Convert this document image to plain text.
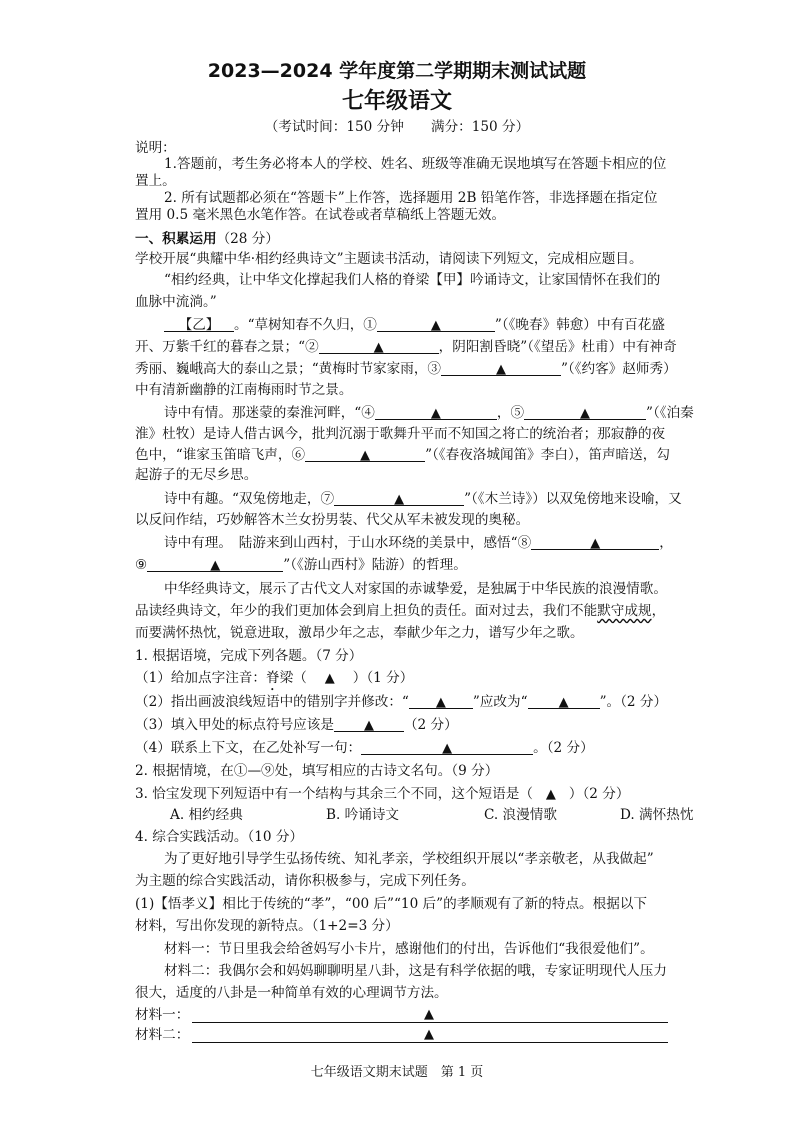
2023—2024 学年度第二学期期末测试试题
七年级语文
（考试时间：150 分钟　　满分：150 分）
说明：
1.答题前，考生务必将本人的学校、姓名、班级等准确无误地填写在答题卡相应的位
置上。
2. 所有试题都必须在“答题卡”上作答，选择题用 2B 铅笔作答，非选择题在指定位
置用 0.5 毫米黑色水笔作答。在试卷或者草稿纸上答题无效。
一、积累运用（28 分）
学校开展“典耀中华·相约经典诗文”主题读书活动，请阅读下列短文，完成相应题目。
“相约经典，让中华文化撑起我们人格的脊梁【甲】吟诵诗文，让家国情怀在我们的
血脉中流淌。”
【乙】 。“草树知春不久归，①	▲	”（《晚春》韩愈）中有百花盛
开、万紫千红的暮春之景；“②	▲	，阴阳割昏晓”（《望岳》杜甫）中有神奇
秀丽、巍峨高大的泰山之景；“黄梅时节家家雨，③	▲	”（《约客》赵师秀）
中有清新幽静的江南梅雨时节之景。
诗中有情。那迷蒙的秦淮河畔，“④	▲	，⑤	▲	”（《泊秦
淮》杜牧）是诗人借古讽今，批判沉溺于歌舞升平而不知国之将亡的统治者；那寂静的夜
色中，“谁家玉笛暗飞声，⑥	▲	”（《春夜洛城闻笛》李白），笛声暗送，勾
起游子的无尽乡思。
诗中有趣。“双兔傍地走，⑦	▲	”（《木兰诗》）以双兔傍地来设喻，又
以反问作结，巧妙解答木兰女扮男装、代父从军未被发现的奥秘。
诗中有理。　陆游来到山西村，于山水环绕的美景中，感悟“⑧	▲	，
⑨	▲	”（《游山西村》陆游）的哲理。
中华经典诗文，展示了古代文人对家国的赤诚挚爱，是独属于中华民族的浪漫情歌。
品读经典诗文，年少的我们更加体会到肩上担负的责任。面对过去，我们不能默守成规，
而要满怀热忱，锐意进取，激昂少年之志，奉献少年之力，谱写少年之歌。
1. 根据语境，完成下列各题。（7 分）
（1）给加点字注音：脊梁（ ▲ ）（1 分）
（2）指出画波浪线短语中的错别字并修改：“ ▲ ”应改为“ ▲ ”。（2 分）
（3）填入甲处的标点符号应该是 ▲ （2 分）
（4）联系上下文，在乙处补写一句：	▲	。（2 分）
2. 根据情境，在①—⑨处，填写相应的古诗文名句。（9 分）
3. 恰宝发现下列短语中有一个结构与其余三个不同，这个短语是（ ▲ ）（2 分）
A. 相约经典	B. 吟诵诗文	C. 浪漫情歌	D. 满怀热忱
4. 综合实践活动。（10 分）
为了更好地引导学生弘扬传统、知礼孝亲，学校组织开展以“孝亲敬老，从我做起”
为主题的综合实践活动，请你积极参与，完成下列任务。
(1)【悟孝义】相比于传统的“孝”，“00 后”“10 后”的孝顺观有了新的特点。根据以下
材料，写出你发现的新特点。（1+2=3 分）
材料一：节日里我会给爸妈写小卡片，感谢他们的付出，告诉他们“我很爱他们”。
材料二：我偶尔会和妈妈聊聊明星八卦，这是有科学依据的哦，专家证明现代人压力
很大，适度的八卦是一种简单有效的心理调节方法。
材料一：	▲
材料二：	▲
七年级语文期末试题　第 1 页
